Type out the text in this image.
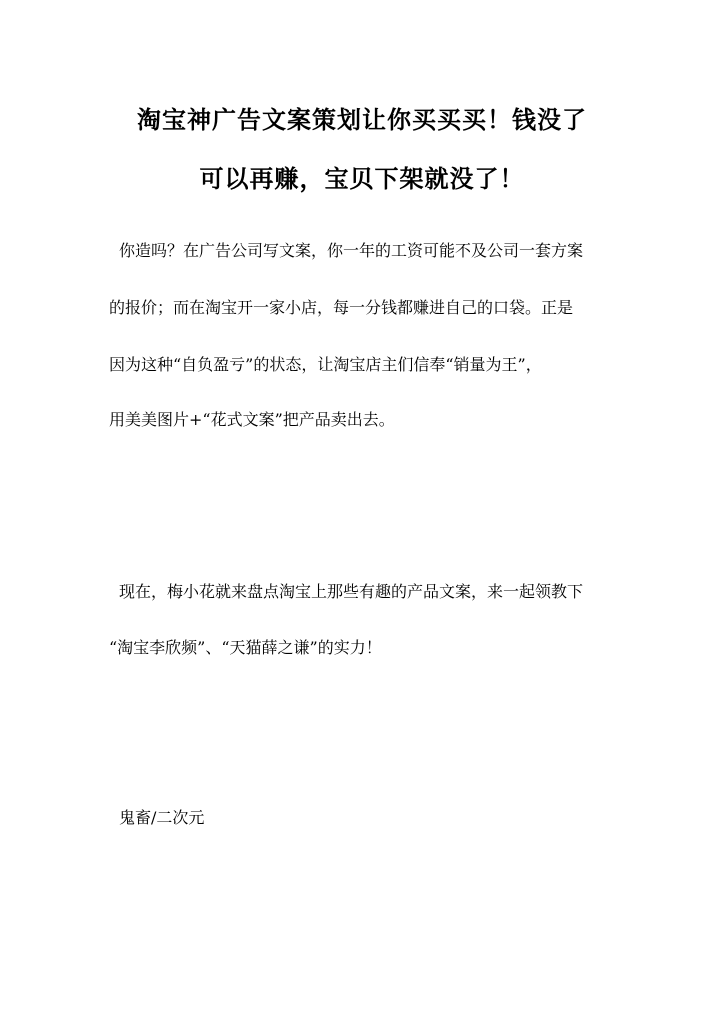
淘宝神广告文案策划让你买买买！钱没了
可以再赚，宝贝下架就没了！

你造吗？在广告公司写文案，你一年的工资可能不及公司一套方案

的报价；而在淘宝开一家小店，每一分钱都赚进自己的口袋。正是

因为这种“自负盈亏”的状态，让淘宝店主们信奉“销量为王”，

用美美图片+“花式文案”把产品卖出去。

现在，梅小花就来盘点淘宝上那些有趣的产品文案，来一起领教下

“淘宝李欣频”、“天猫薛之谦”的实力！

鬼畜/二次元
